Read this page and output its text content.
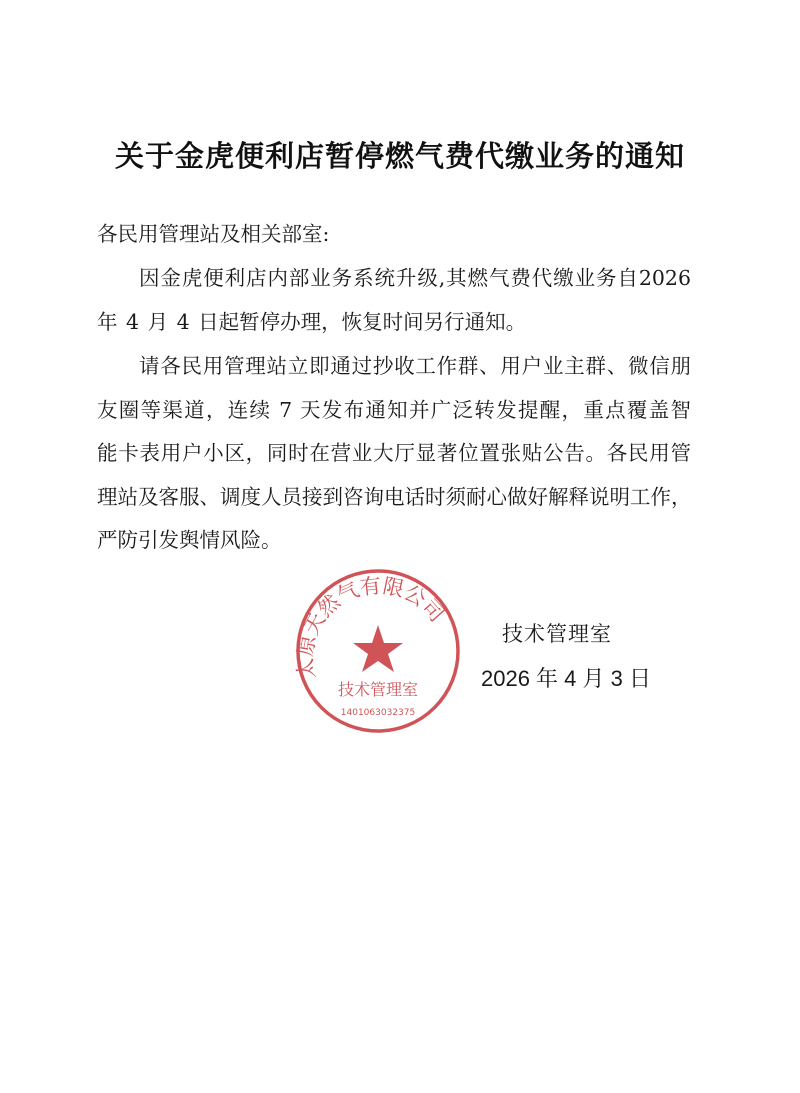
关于金虎便利店暂停燃气费代缴业务的通知
各民用管理站及相关部室:
因金虎便利店内部业务系统升级,其燃气费代缴业务自2026
年 4 月 4 日起暂停办理，恢复时间另行通知。
请各民用管理站立即通过抄收工作群、用户业主群、微信朋
友圈等渠道，连续 7 天发布通知并广泛转发提醒，重点覆盖智
能卡表用户小区，同时在营业大厅显著位置张贴公告。各民用管
理站及客服、调度人员接到咨询电话时须耐心做好解释说明工作，
严防引发舆情风险。
太原天然气有限公司
技术管理室
1401063032375
技术管理室
2026 年 4 月 3 日
